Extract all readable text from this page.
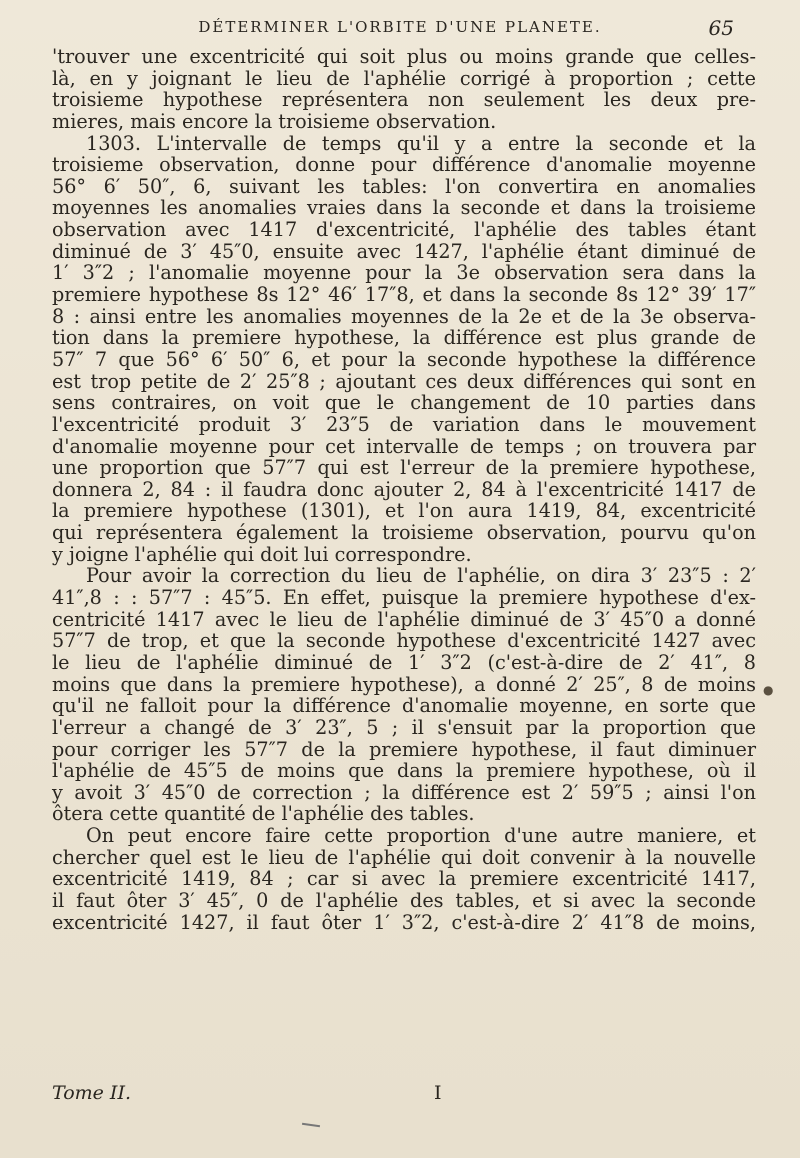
DÉTERMINER L'ORBITE D'UNE PLANETE.	65
'trouver une excentricité qui soit plus ou moins grande que celles-
là, en y joignant le lieu de l'aphélie corrigé à proportion ; cette
troisieme hypothese représentera non seulement les deux pre-
mieres, mais encore la troisieme observation.
1303. L'intervalle de temps qu'il y a entre la seconde et la
troisieme observation, donne pour différence d'anomalie moyenne
56° 6′ 50″, 6, suivant les tables: l'on convertira en anomalies
moyennes les anomalies vraies dans la seconde et dans la troisieme
observation avec 1417 d'excentricité, l'aphélie des tables étant
diminué de 3′ 45″0, ensuite avec 1427, l'aphélie étant diminué de
1′ 3″2 ; l'anomalie moyenne pour la 3e observation sera dans la
premiere hypothese 8s 12° 46′ 17″8, et dans la seconde 8s 12° 39′ 17″
8 : ainsi entre les anomalies moyennes de la 2e et de la 3e observa-
tion dans la premiere hypothese, la différence est plus grande de
57″ 7 que 56° 6′ 50″ 6, et pour la seconde hypothese la différence
est trop petite de 2′ 25″8 ; ajoutant ces deux différences qui sont en
sens contraires, on voit que le changement de 10 parties dans
l'excentricité produit 3′ 23″5 de variation dans le mouvement
d'anomalie moyenne pour cet intervalle de temps ; on trouvera par
une proportion que 57″7 qui est l'erreur de la premiere hypothese,
donnera 2, 84 : il faudra donc ajouter 2, 84 à l'excentricité 1417 de
la premiere hypothese (1301), et l'on aura 1419, 84, excentricité
qui représentera également la troisieme observation, pourvu qu'on
y joigne l'aphélie qui doit lui correspondre.
Pour avoir la correction du lieu de l'aphélie, on dira 3′ 23″5 : 2′
41″,8 : : 57″7 : 45″5. En effet, puisque la premiere hypothese d'ex-
centricité 1417 avec le lieu de l'aphélie diminué de 3′ 45″0 a donné
57″7 de trop, et que la seconde hypothese d'excentricité 1427 avec
le lieu de l'aphélie diminué de 1′ 3″2 (c'est-à-dire de 2′ 41″, 8
moins que dans la premiere hypothese), a donné 2′ 25″, 8 de moins
qu'il ne falloit pour la différence d'anomalie moyenne, en sorte que
l'erreur a changé de 3′ 23″, 5 ; il s'ensuit par la proportion que
pour corriger les 57″7 de la premiere hypothese, il faut diminuer
l'aphélie de 45″5 de moins que dans la premiere hypothese, où il
y avoit 3′ 45″0 de correction ; la différence est 2′ 59″5 ; ainsi l'on
ôtera cette quantité de l'aphélie des tables.
On peut encore faire cette proportion d'une autre maniere, et
chercher quel est le lieu de l'aphélie qui doit convenir à la nouvelle
excentricité 1419, 84 ; car si avec la premiere excentricité 1417,
il faut ôter 3′ 45″, 0 de l'aphélie des tables, et si avec la seconde
excentricité 1427, il faut ôter 1′ 3″2, c'est-à-dire 2′ 41″8 de moins,
●
Tome II.	I
